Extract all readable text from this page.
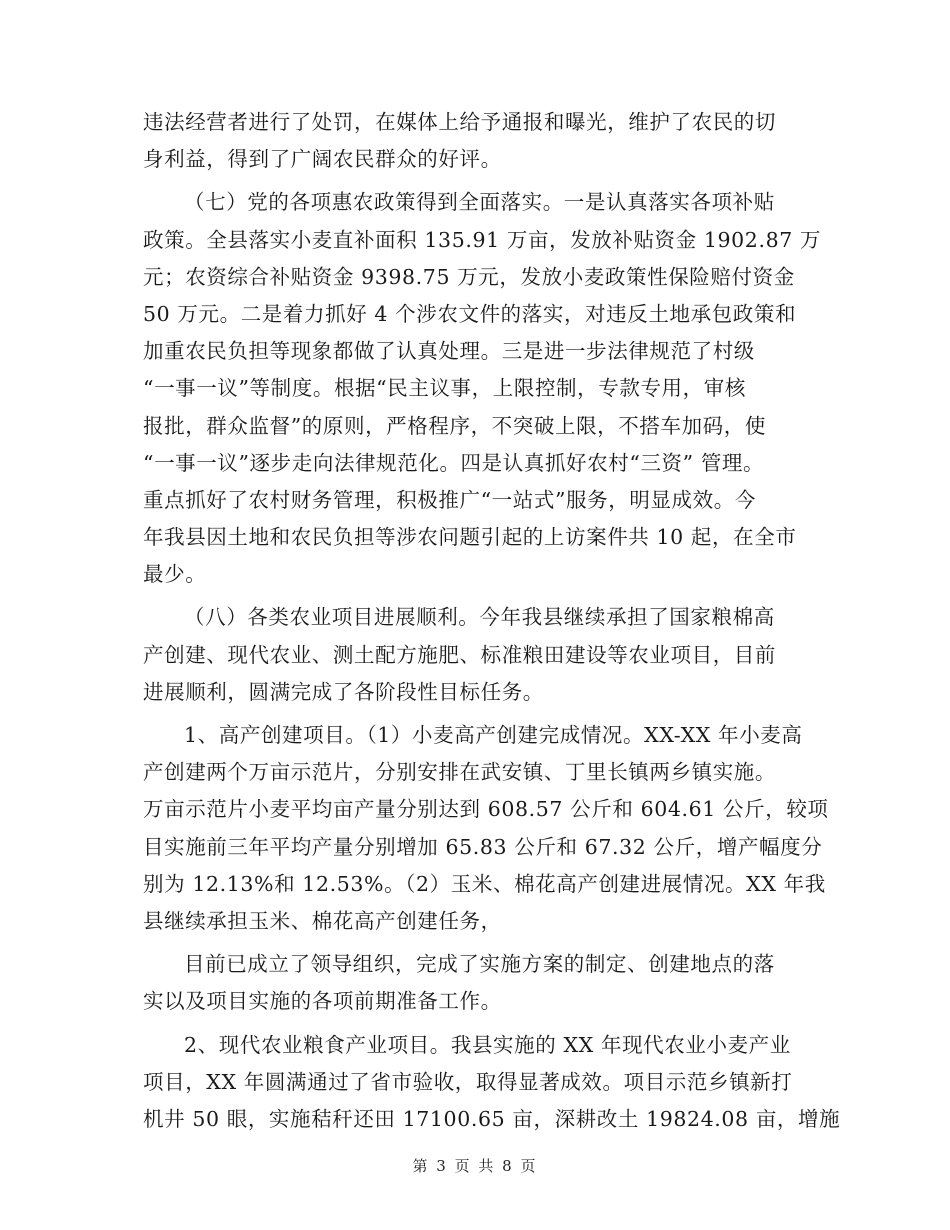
违法经营者进行了处罚，在媒体上给予通报和曝光，维护了农民的切
身利益，得到了广阔农民群众的好评。
（七）党的各项惠农政策得到全面落实。一是认真落实各项补贴
政策。全县落实小麦直补面积 135.91 万亩，发放补贴资金 1902.87 万
元；农资综合补贴资金 9398.75 万元，发放小麦政策性保险赔付资金
50 万元。二是着力抓好 4 个涉农文件的落实，对违反土地承包政策和
加重农民负担等现象都做了认真处理。三是进一步法律规范了村级
“一事一议”等制度。根据“民主议事，上限控制，专款专用，审核
报批，群众监督”的原则，严格程序，不突破上限，不搭车加码，使
“一事一议”逐步走向法律规范化。四是认真抓好农村“三资” 管理。
重点抓好了农村财务管理，积极推广“一站式”服务，明显成效。今
年我县因土地和农民负担等涉农问题引起的上访案件共 10 起，在全市
最少。
（八）各类农业项目进展顺利。今年我县继续承担了国家粮棉高
产创建、现代农业、测土配方施肥、标准粮田建设等农业项目，目前
进展顺利，圆满完成了各阶段性目标任务。
1、高产创建项目。（1）小麦高产创建完成情况。XX-XX 年小麦高
产创建两个万亩示范片，分别安排在武安镇、丁里长镇两乡镇实施。
万亩示范片小麦平均亩产量分别达到 608.57 公斤和 604.61 公斤，较项
目实施前三年平均产量分别增加 65.83 公斤和 67.32 公斤，增产幅度分
别为 12.13%和 12.53%。（2）玉米、棉花高产创建进展情况。XX 年我
县继续承担玉米、棉花高产创建任务，
目前已成立了领导组织，完成了实施方案的制定、创建地点的落
实以及项目实施的各项前期准备工作。
2、现代农业粮食产业项目。我县实施的 XX 年现代农业小麦产业
项目，XX 年圆满通过了省市验收，取得显著成效。项目示范乡镇新打
机井 50 眼，实施秸秆还田 17100.65 亩，深耕改土 19824.08 亩，增施
第 3 页 共 8 页
